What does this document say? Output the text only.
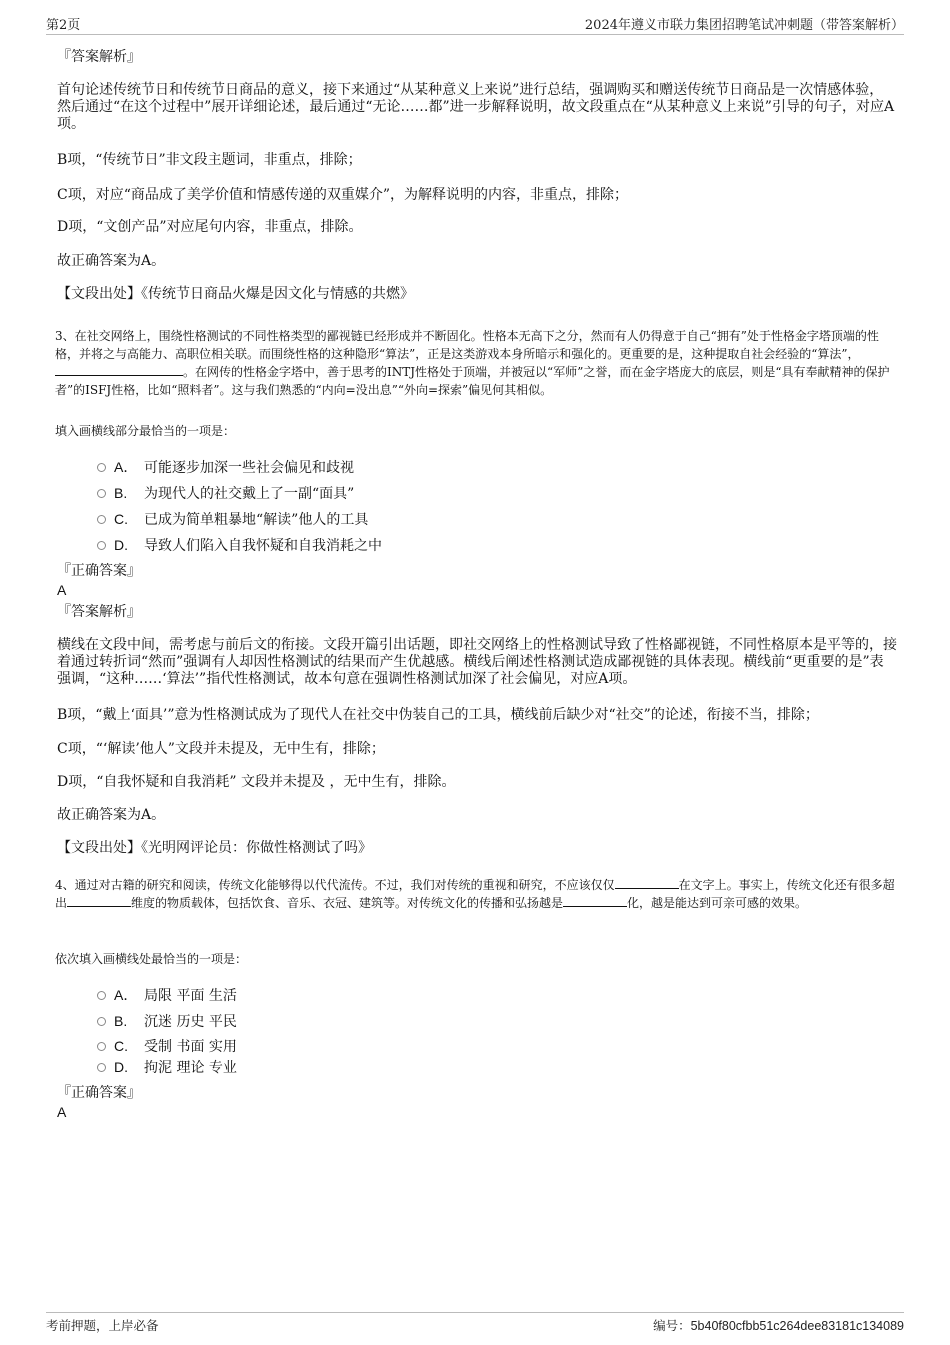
第2页	2024年遵义市联力集团招聘笔试冲刺题（带答案解析）
『答案解析』
首句论述传统节日和传统节日商品的意义，接下来通过“从某种意义上来说”进行总结，强调购买和赠送传统节日商品是一次情感体验，然后通过“在这个过程中”展开详细论述，最后通过“无论……都”进一步解释说明，故文段重点在“从某种意义上来说”引导的句子，对应A项。
B项，“传统节日”非文段主题词，非重点，排除；
C项，对应“商品成了美学价值和情感传递的双重媒介”，为解释说明的内容，非重点，排除；
D项，“文创产品”对应尾句内容，非重点，排除。
故正确答案为A。
【文段出处】《传统节日商品火爆是因文化与情感的共燃》
3、在社交网络上，围绕性格测试的不同性格类型的鄙视链已经形成并不断固化。性格本无高下之分，然而有人仍得意于自己“拥有”处于性格金字塔顶端的性格，并将之与高能力、高职位相关联。而围绕性格的这种隐形“算法”，正是这类游戏本身所暗示和强化的。更重要的是，这种提取自社会经验的“算法”，。在网传的性格金字塔中，善于思考的INTJ性格处于顶端，并被冠以“军师”之誉，而在金字塔庞大的底层，则是“具有奉献精神的保护者”的ISFJ性格，比如“照料者”。这与我们熟悉的“内向=没出息”“外向=探索”偏见何其相似。
填入画横线部分最恰当的一项是：
A． 可能逐步加深一些社会偏见和歧视
B. 为现代人的社交戴上了一副“面具”
C. 已成为简单粗暴地“解读”他人的工具
D. 导致人们陷入自我怀疑和自我消耗之中
『正确答案』
A
『答案解析』
横线在文段中间，需考虑与前后文的衔接。文段开篇引出话题，即社交网络上的性格测试导致了性格鄙视链，不同性格原本是平等的，接着通过转折词“然而”强调有人却因性格测试的结果而产生优越感。横线后阐述性格测试造成鄙视链的具体表现。横线前“更重要的是”表强调，“这种……‘算法’”指代性格测试，故本句意在强调性格测试加深了社会偏见，对应A项。
B项，“戴上‘面具’”意为性格测试成为了现代人在社交中伪装自己的工具，横线前后缺少对“社交”的论述，衔接不当，排除；
C项，“‘解读’他人”文段并未提及，无中生有，排除；
D项，“自我怀疑和自我消耗” 文段并未提及 ，无中生有，排除。
故正确答案为A。
【文段出处】《光明网评论员：你做性格测试了吗》
4、通过对古籍的研究和阅读，传统文化能够得以代代流传。不过，我们对传统的重视和研究，不应该仅仅	在文字上。事实上，传统文化还有很多超出	维度的物质载体，包括饮食、音乐、衣冠、建筑等。对传统文化的传播和弘扬越是	化，越是能达到可亲可感的效果。
依次填入画横线处最恰当的一项是：
A． 局限 平面 生活
B. 沉迷 历史 平民
C. 受制 书面 实用
D. 拘泥 理论 专业
『正确答案』
A
考前押题，上岸必备	编号：5b40f80cfbb51c264dee83181c134089
